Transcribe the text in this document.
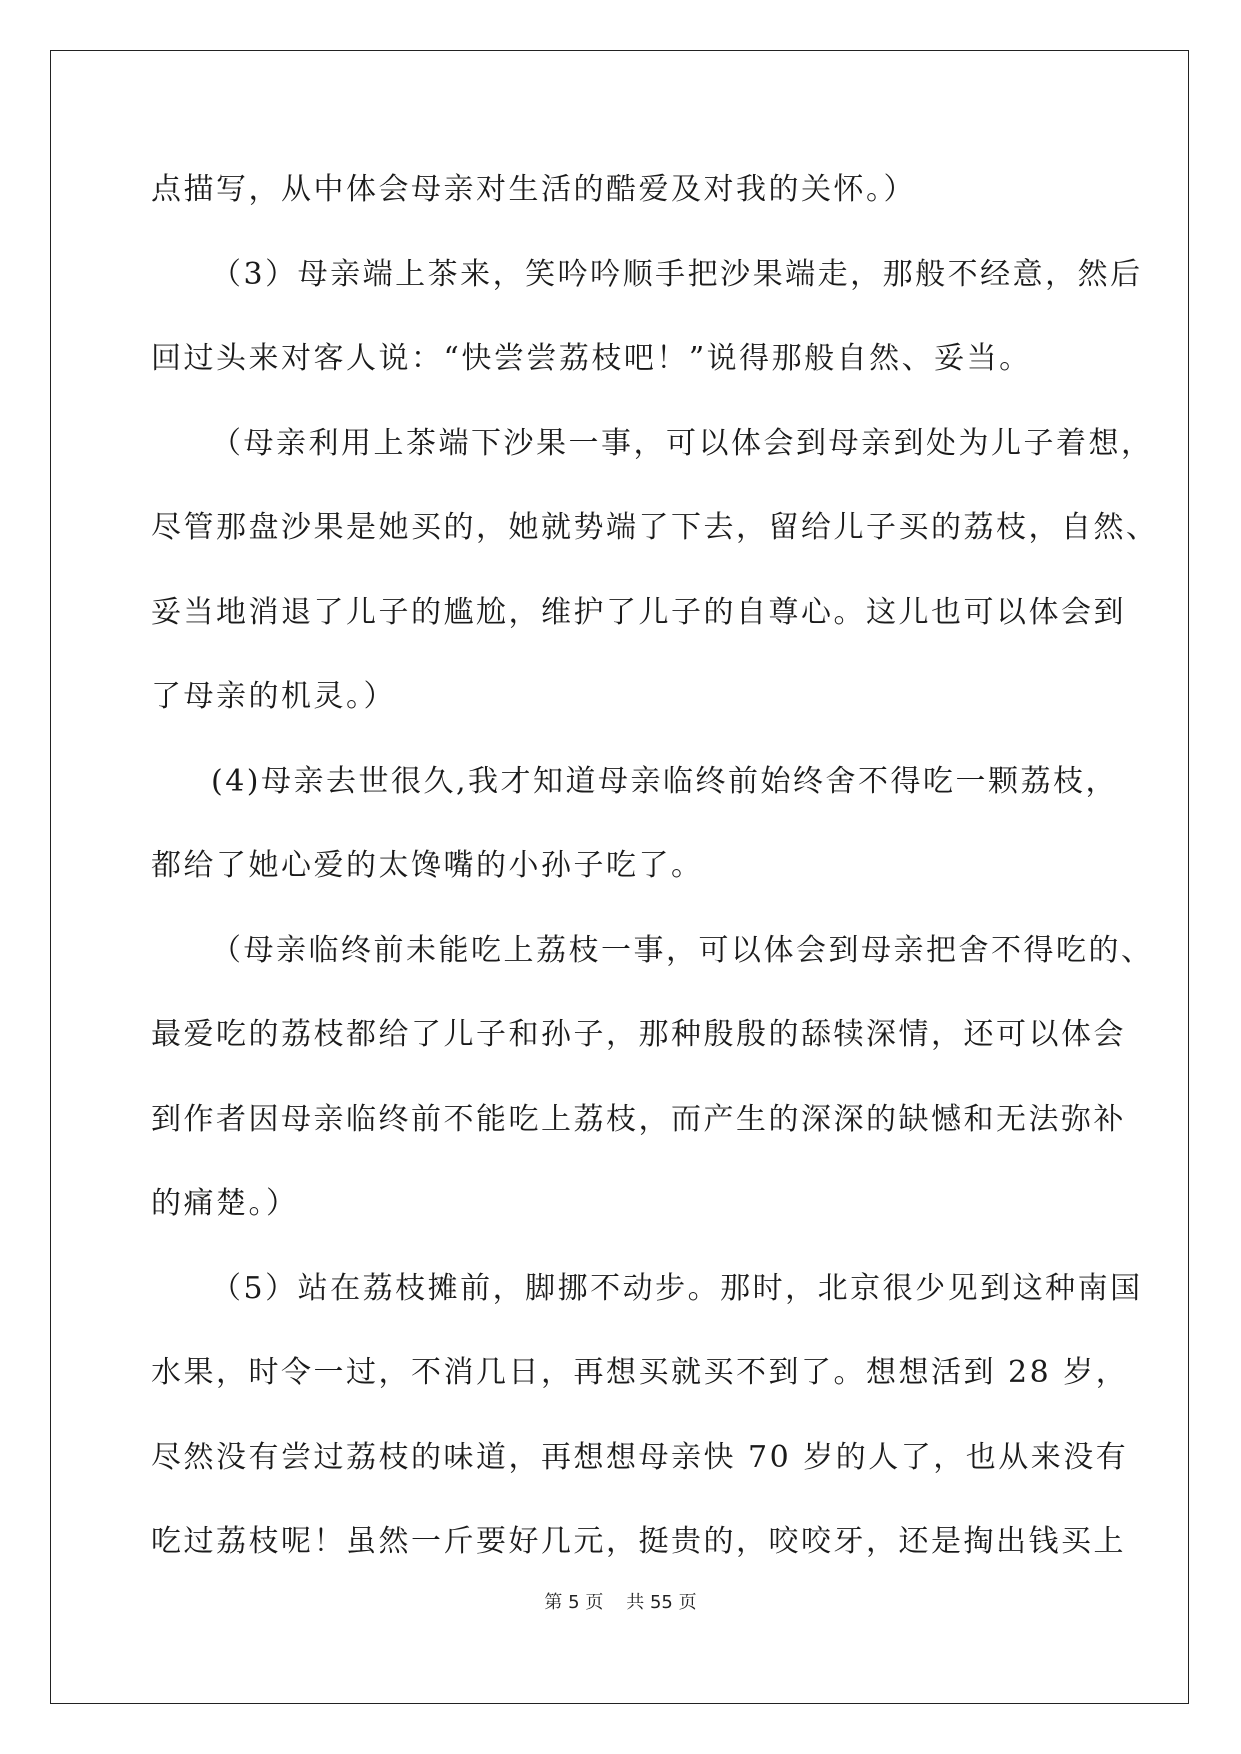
点描写，从中体会母亲对生活的酷爱及对我的关怀。）
（3）母亲端上茶来，笑吟吟顺手把沙果端走，那般不经意，然后
回过头来对客人说：“快尝尝荔枝吧！”说得那般自然、妥当。
（母亲利用上茶端下沙果一事，可以体会到母亲到处为儿子着想，
尽管那盘沙果是她买的，她就势端了下去，留给儿子买的荔枝，自然、
妥当地消退了儿子的尴尬，维护了儿子的自尊心。这儿也可以体会到
了母亲的机灵。）
(4)母亲去世很久,我才知道母亲临终前始终舍不得吃一颗荔枝，
都给了她心爱的太馋嘴的小孙子吃了。
（母亲临终前未能吃上荔枝一事，可以体会到母亲把舍不得吃的、
最爱吃的荔枝都给了儿子和孙子，那种殷殷的舔犊深情，还可以体会
到作者因母亲临终前不能吃上荔枝，而产生的深深的缺憾和无法弥补
的痛楚。）
（5）站在荔枝摊前，脚挪不动步。那时，北京很少见到这种南国
水果，时令一过，不消几日，再想买就买不到了。想想活到 28 岁，
尽然没有尝过荔枝的味道，再想想母亲快 70 岁的人了，也从来没有
吃过荔枝呢！虽然一斤要好几元，挺贵的，咬咬牙，还是掏出钱买上
第 5 页 共 55 页
